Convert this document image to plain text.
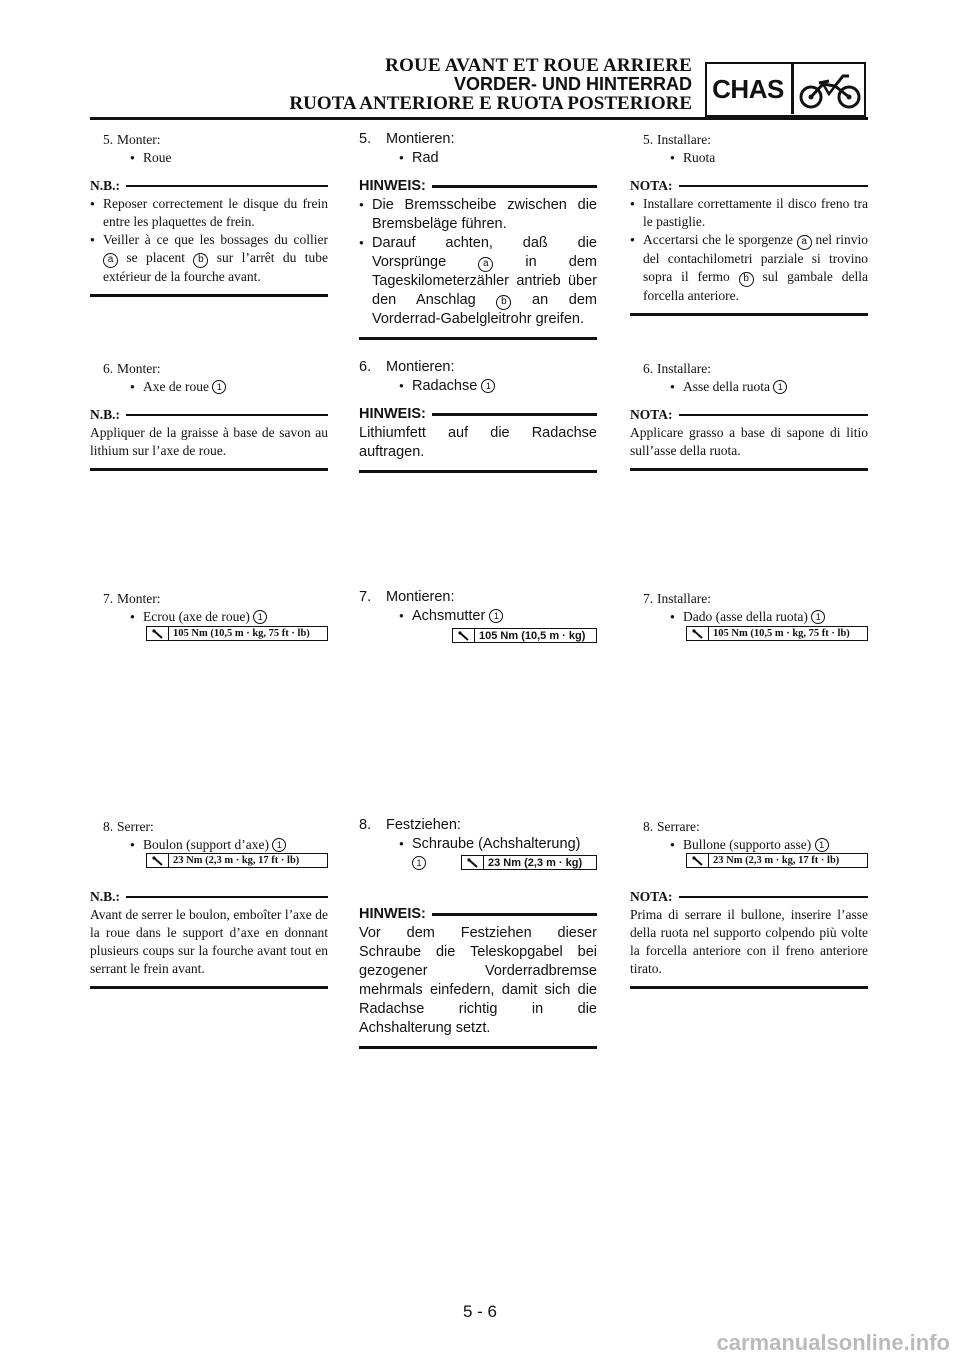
ROUE AVANT ET ROUE ARRIERE
VORDER- UND HINTERRAD
RUOTA ANTERIORE E RUOTA POSTERIORE CHAS
5. Monter:
●
Roue
N.B.:
●
Reposer correctement le disque du frein entre les plaquettes de frein.
●
Veiller à ce que les bossages du collier a se placent b sur l’arrêt du tube extérieur de la fourche avant.
6. Monter:
●
Axe de roue 1
N.B.:

Appliquer de la graisse à base de savon au lithium sur l’axe de roue.

7. Monter:
●
Ecrou (axe de roue) 1
105 Nm (10,5 m · kg, 75 ft · lb)
8. Serrer:
●
Boulon (support d’axe) 1
N.B.:

Avant de serrer le boulon, emboîter l’axe de la roue dans le support d’axe en donnant plusieurs coups sur la fourche avant tout en serrant le frein avant.

23 Nm (2,3 m · kg, 17 ft · lb)
5.	Montieren:
●
Rad
HINWEIS:
●
Die Bremsscheibe zwischen die Bremsbeläge führen.
●
Darauf achten, daß die Vorsprünge	a	in dem Tageskilometerzähler antrieb über den Anschlag	b an dem Vorderrad-Gabelgleitrohr greifen.
6.	Montieren:
●
Radachse 1
HINWEIS:

Lithiumfett auf die Radachse auftragen.

7.	Montieren:
●
Achsmutter 1
105 Nm (10,5 m · kg)
8.	Festziehen:
●
Schraube (Achshalterung) 1
HINWEIS:

Vor dem Festziehen dieser Schraube die Teleskopgabel bei gezogener Vorderradbremse mehrmals einfedern, damit sich die Radachse richtig in die Achshalterung setzt.

23 Nm (2,3 m · kg)
5. Installare:
●
Ruota
NOTA:
●
Installare correttamente il disco freno tra le pastiglie.
●
Accertarsi che le sporgenze a nel rinvio del contachilometri parziale si trovino sopra il fermo b sul gambale della forcella anteriore.
6. Installare:
●
Asse della ruota 1
NOTA:

Applicare grasso a base di sapone di litio sull’asse della ruota.

7. Installare:
●
Dado (asse della ruota) 1
105 Nm (10,5 m · kg, 75 ft · lb)
8. Serrare:
●
Bullone (supporto asse) 1
NOTA:

Prima di serrare il bullone, inserire l’asse della ruota nel supporto colpendo più volte la forcella anteriore con il freno anteriore tirato.

23 Nm (2,3 m · kg, 17 ft · lb)
5 - 6
carmanualsonline.info
